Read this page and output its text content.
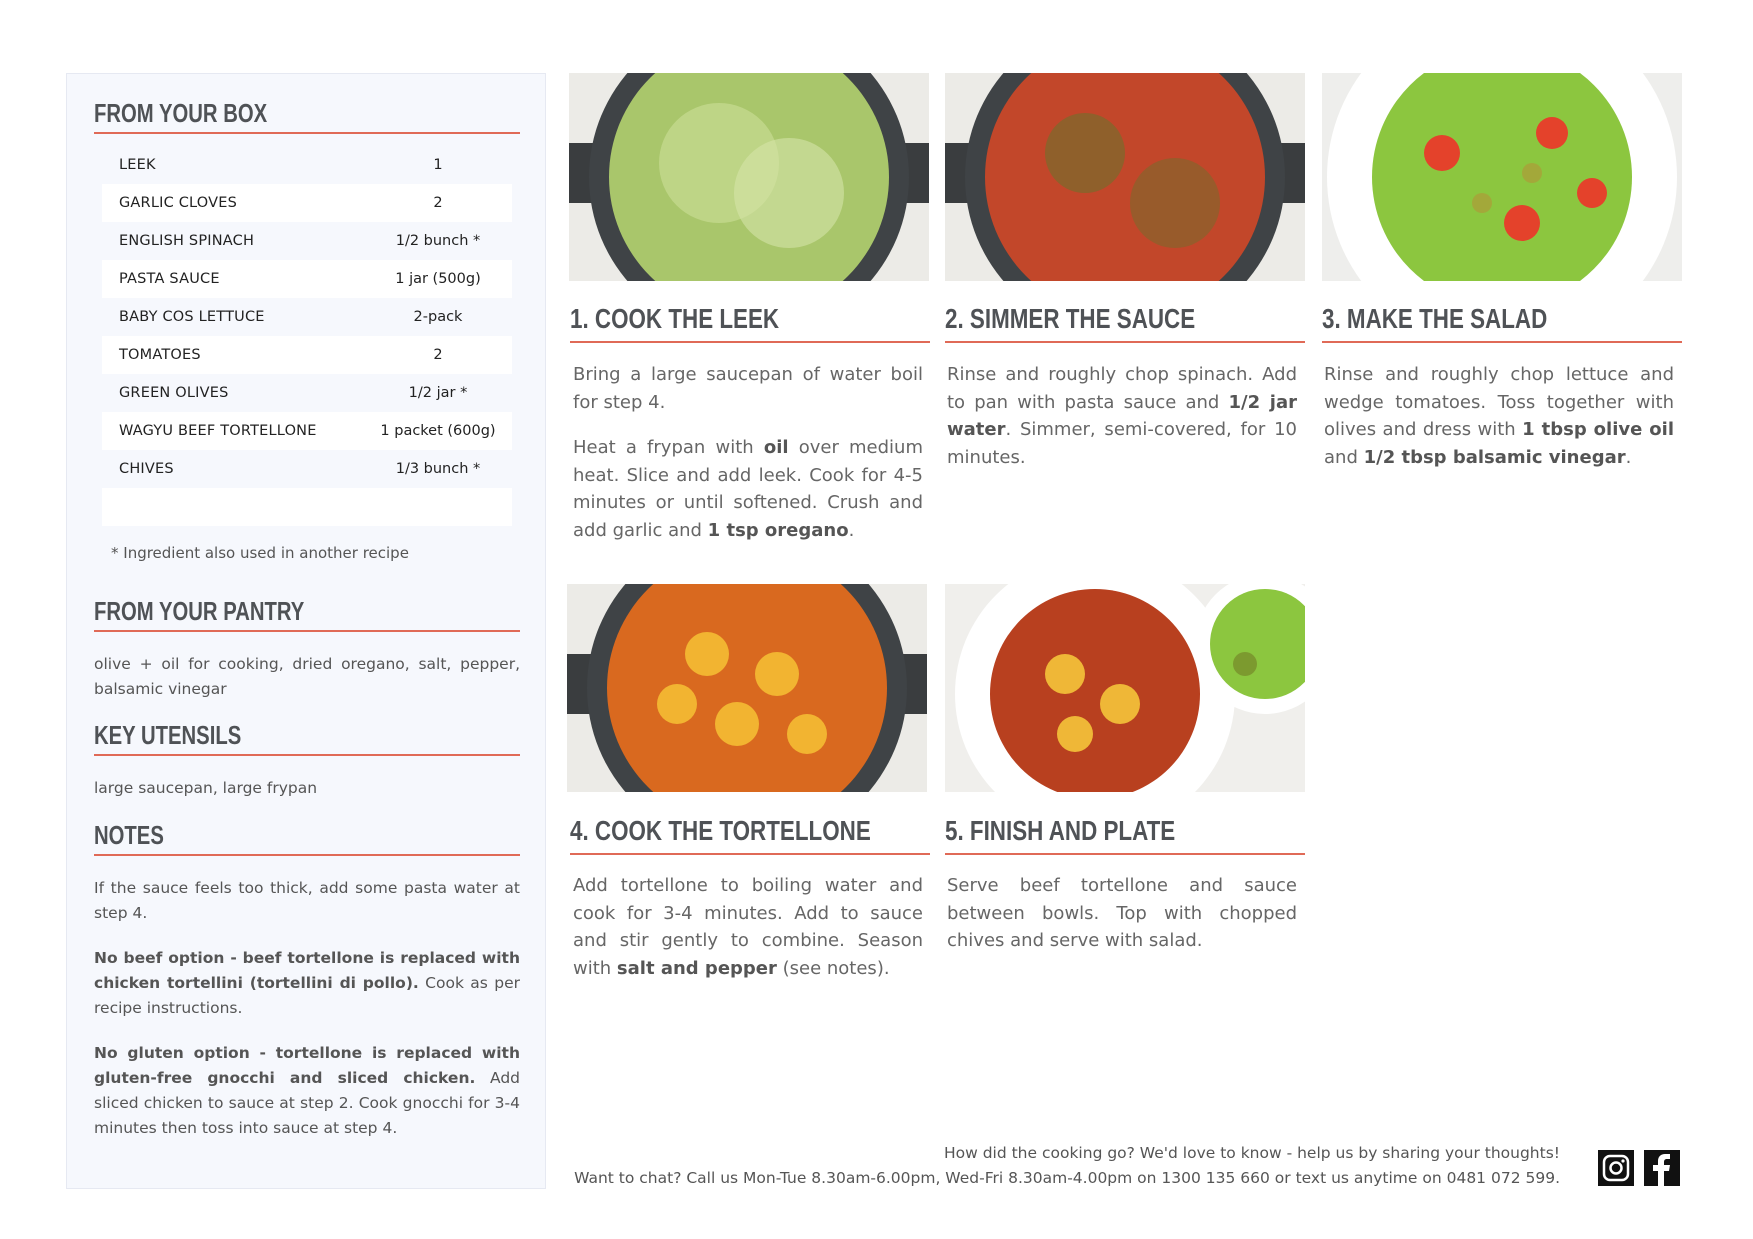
FROM YOUR BOX
LEEK	1
GARLIC CLOVES	2
ENGLISH SPINACH	1/2 bunch *
PASTA SAUCE	1 jar (500g)
BABY COS LETTUCE	2-pack
TOMATOES	2
GREEN OLIVES	1/2 jar *
WAGYU BEEF TORTELLONE	1 packet (600g)
CHIVES	1/3 bunch *
* Ingredient also used in another recipe
FROM YOUR PANTRY

olive + oil for cooking, dried oregano, salt, pepper, balsamic vinegar

KEY UTENSILS

large saucepan, large frypan

NOTES

If the sauce feels too thick, add some pasta water at step 4.

No beef option - beef tortellone is replaced with chicken tortellini (tortellini di pollo). Cook as per recipe instructions.

No gluten option - tortellone is replaced with gluten-free gnocchi and sliced chicken. Add sliced chicken to sauce at step 2. Cook gnocchi for 3-4 minutes then toss into sauce at step 4.

1. COOK THE LEEK	2. SIMMER THE SAUCE	3. MAKE THE SALAD
4. COOK THE TORTELLONE	5. FINISH AND PLATE

Bring a large saucepan of water boil for step 4.

Heat a frypan with oil over medium heat. Slice and add leek. Cook for 4-5 minutes or until softened. Crush and add garlic and 1 tsp oregano.

Rinse and roughly chop spinach. Add to pan with pasta sauce and 1/2 jar water. Simmer, semi-covered, for 10 minutes.

Rinse and roughly chop lettuce and wedge tomatoes. Toss together with olives and dress with 1 tbsp olive oil and 1/2 tbsp balsamic vinegar.

Add tortellone to boiling water and cook for 3-4 minutes. Add to sauce and stir gently to combine. Season with salt and pepper (see notes).

Serve beef tortellone and sauce between bowls. Top with chopped chives and serve with salad.

How did the cooking go? We'd love to know - help us by sharing your thoughts!
Want to chat? Call us Mon-Tue 8.30am-6.00pm, Wed-Fri 8.30am-4.00pm on 1300 135 660 or text us anytime on 0481 072 599.
